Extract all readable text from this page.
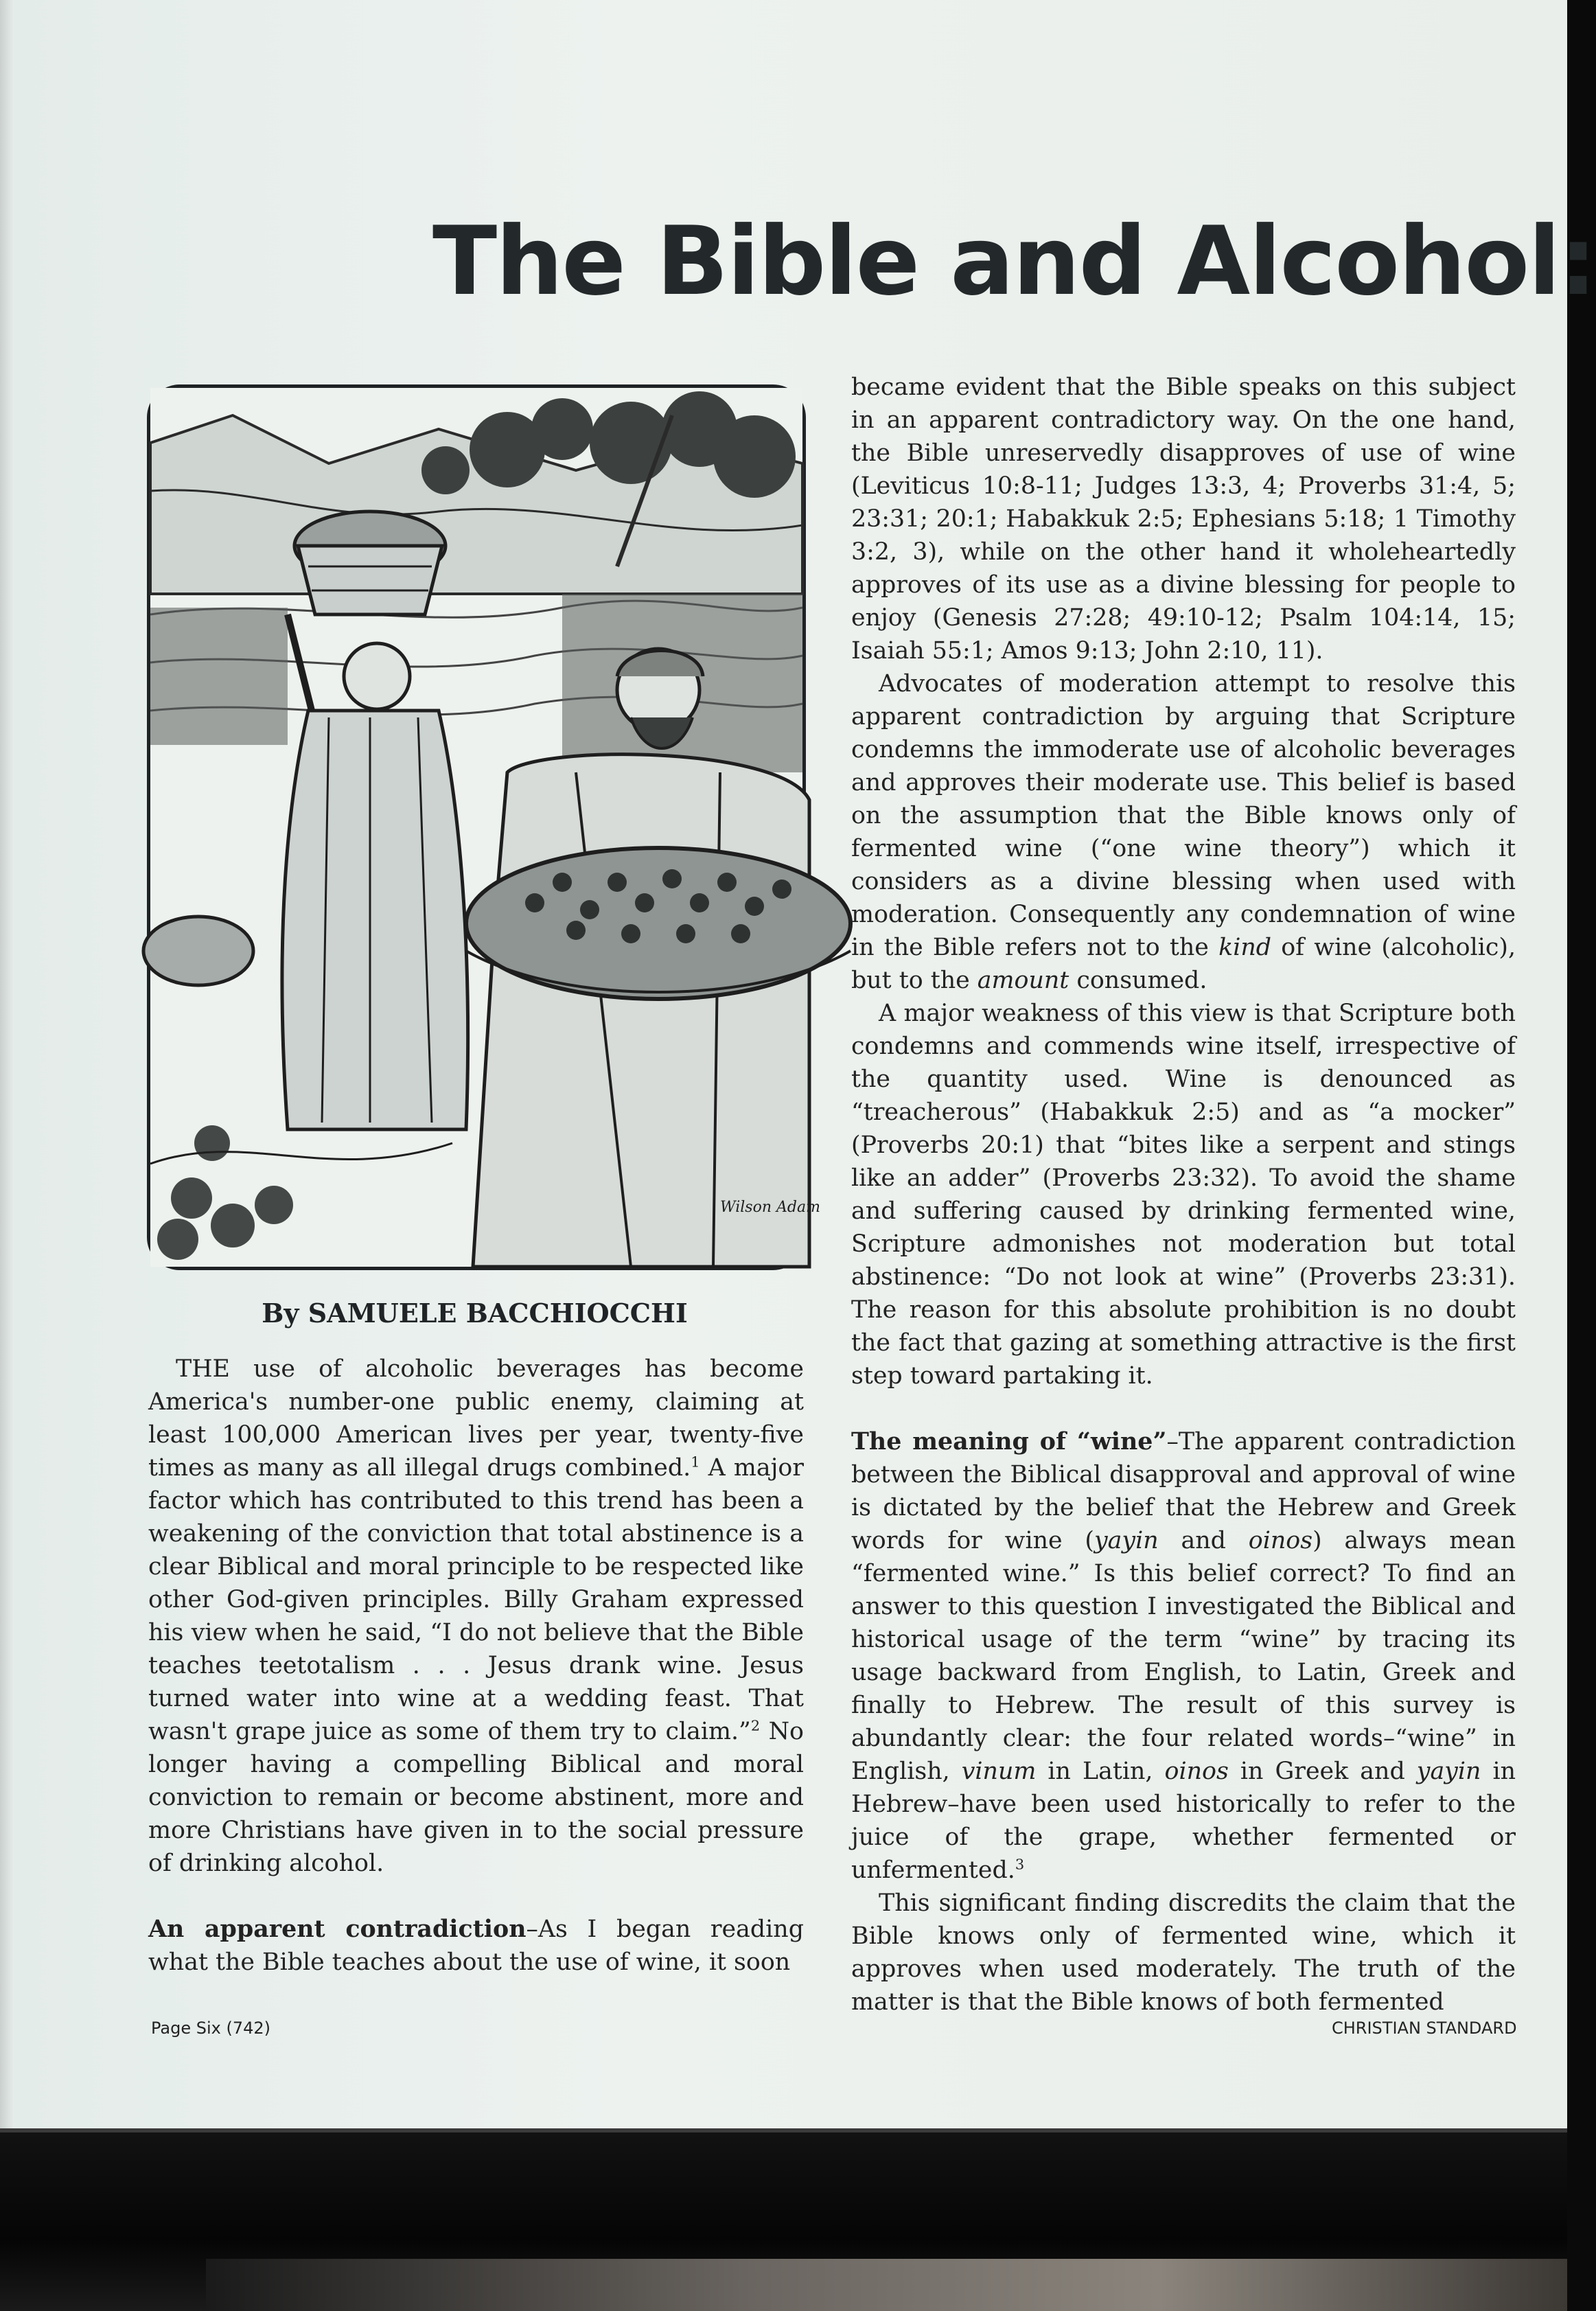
The Bible and Alcohol:
Wilson Adam
By SAMUELE BACCHIOCCHI

THE use of alcoholic beverages has become America's number-one public enemy, claiming at least 100,000 American lives per year, twenty-five times as many as all illegal drugs combined.$^1$ A major factor which has contributed to this trend has been a weakening of the conviction that total abstinence is a clear Biblical and moral principle to be respected like other God-given principles. Billy Graham expressed his view when he said, “I do not believe that the Bible teaches teetotalism . . . Jesus drank wine. Jesus turned water into wine at a wedding feast. That wasn't grape juice as some of them try to claim.”$^2$ No longer having a compelling Biblical and moral conviction to remain or become abstinent, more and more Christians have given in to the social pressure of drinking alcohol.

An apparent contradiction–As I began reading what the Bible teaches about the use of wine, it soon

became evident that the Bible speaks on this subject in an apparent contradictory way. On the one hand, the Bible unreservedly disapproves of use of wine (Leviticus 10:8-11; Judges 13:3, 4; Proverbs 31:4, 5; 23:31; 20:1; Habakkuk 2:5; Ephesians 5:18; 1 Timothy 3:2, 3), while on the other hand it wholeheartedly approves of its use as a divine blessing for people to enjoy (Genesis 27:28; 49:10-12; Psalm 104:14, 15; Isaiah 55:1; Amos 9:13; John 2:10, 11).

Advocates of moderation attempt to resolve this apparent contradiction by arguing that Scripture condemns the immoderate use of alcoholic beverages and approves their moderate use. This belief is based on the assumption that the Bible knows only of fermented wine (“one wine theory”) which it considers as a divine blessing when used with moderation. Consequently any condemnation of wine in the Bible refers not to the kind of wine (alcoholic), but to the amount consumed.

A major weakness of this view is that Scripture both condemns and commends wine itself, irrespective of the quantity used. Wine is denounced as “treacherous” (Habakkuk 2:5) and as “a mocker” (Proverbs 20:1) that “bites like a serpent and stings like an adder” (Proverbs 23:32). To avoid the shame and suffering caused by drinking fermented wine, Scripture admonishes not moderation but total abstinence: “Do not look at wine” (Proverbs 23:31). The reason for this absolute prohibition is no doubt the fact that gazing at something attractive is the first step toward partaking it.

The meaning of “wine”–The apparent contradiction between the Biblical disapproval and approval of wine is dictated by the belief that the Hebrew and Greek words for wine (yayin and oinos) always mean “fermented wine.” Is this belief correct? To find an answer to this question I investigated the Biblical and historical usage of the term “wine” by tracing its usage backward from English, to Latin, Greek and finally to Hebrew. The result of this survey is abundantly clear: the four related words–“wine” in English, vinum in Latin, oinos in Greek and yayin in Hebrew–have been used historically to refer to the juice of the grape, whether fermented or unfermented.$^3$

This significant finding discredits the claim that the Bible knows only of fermented wine, which it approves when used moderately. The truth of the matter is that the Bible knows of both fermented

Page Six (742)	CHRISTIAN STANDARD
